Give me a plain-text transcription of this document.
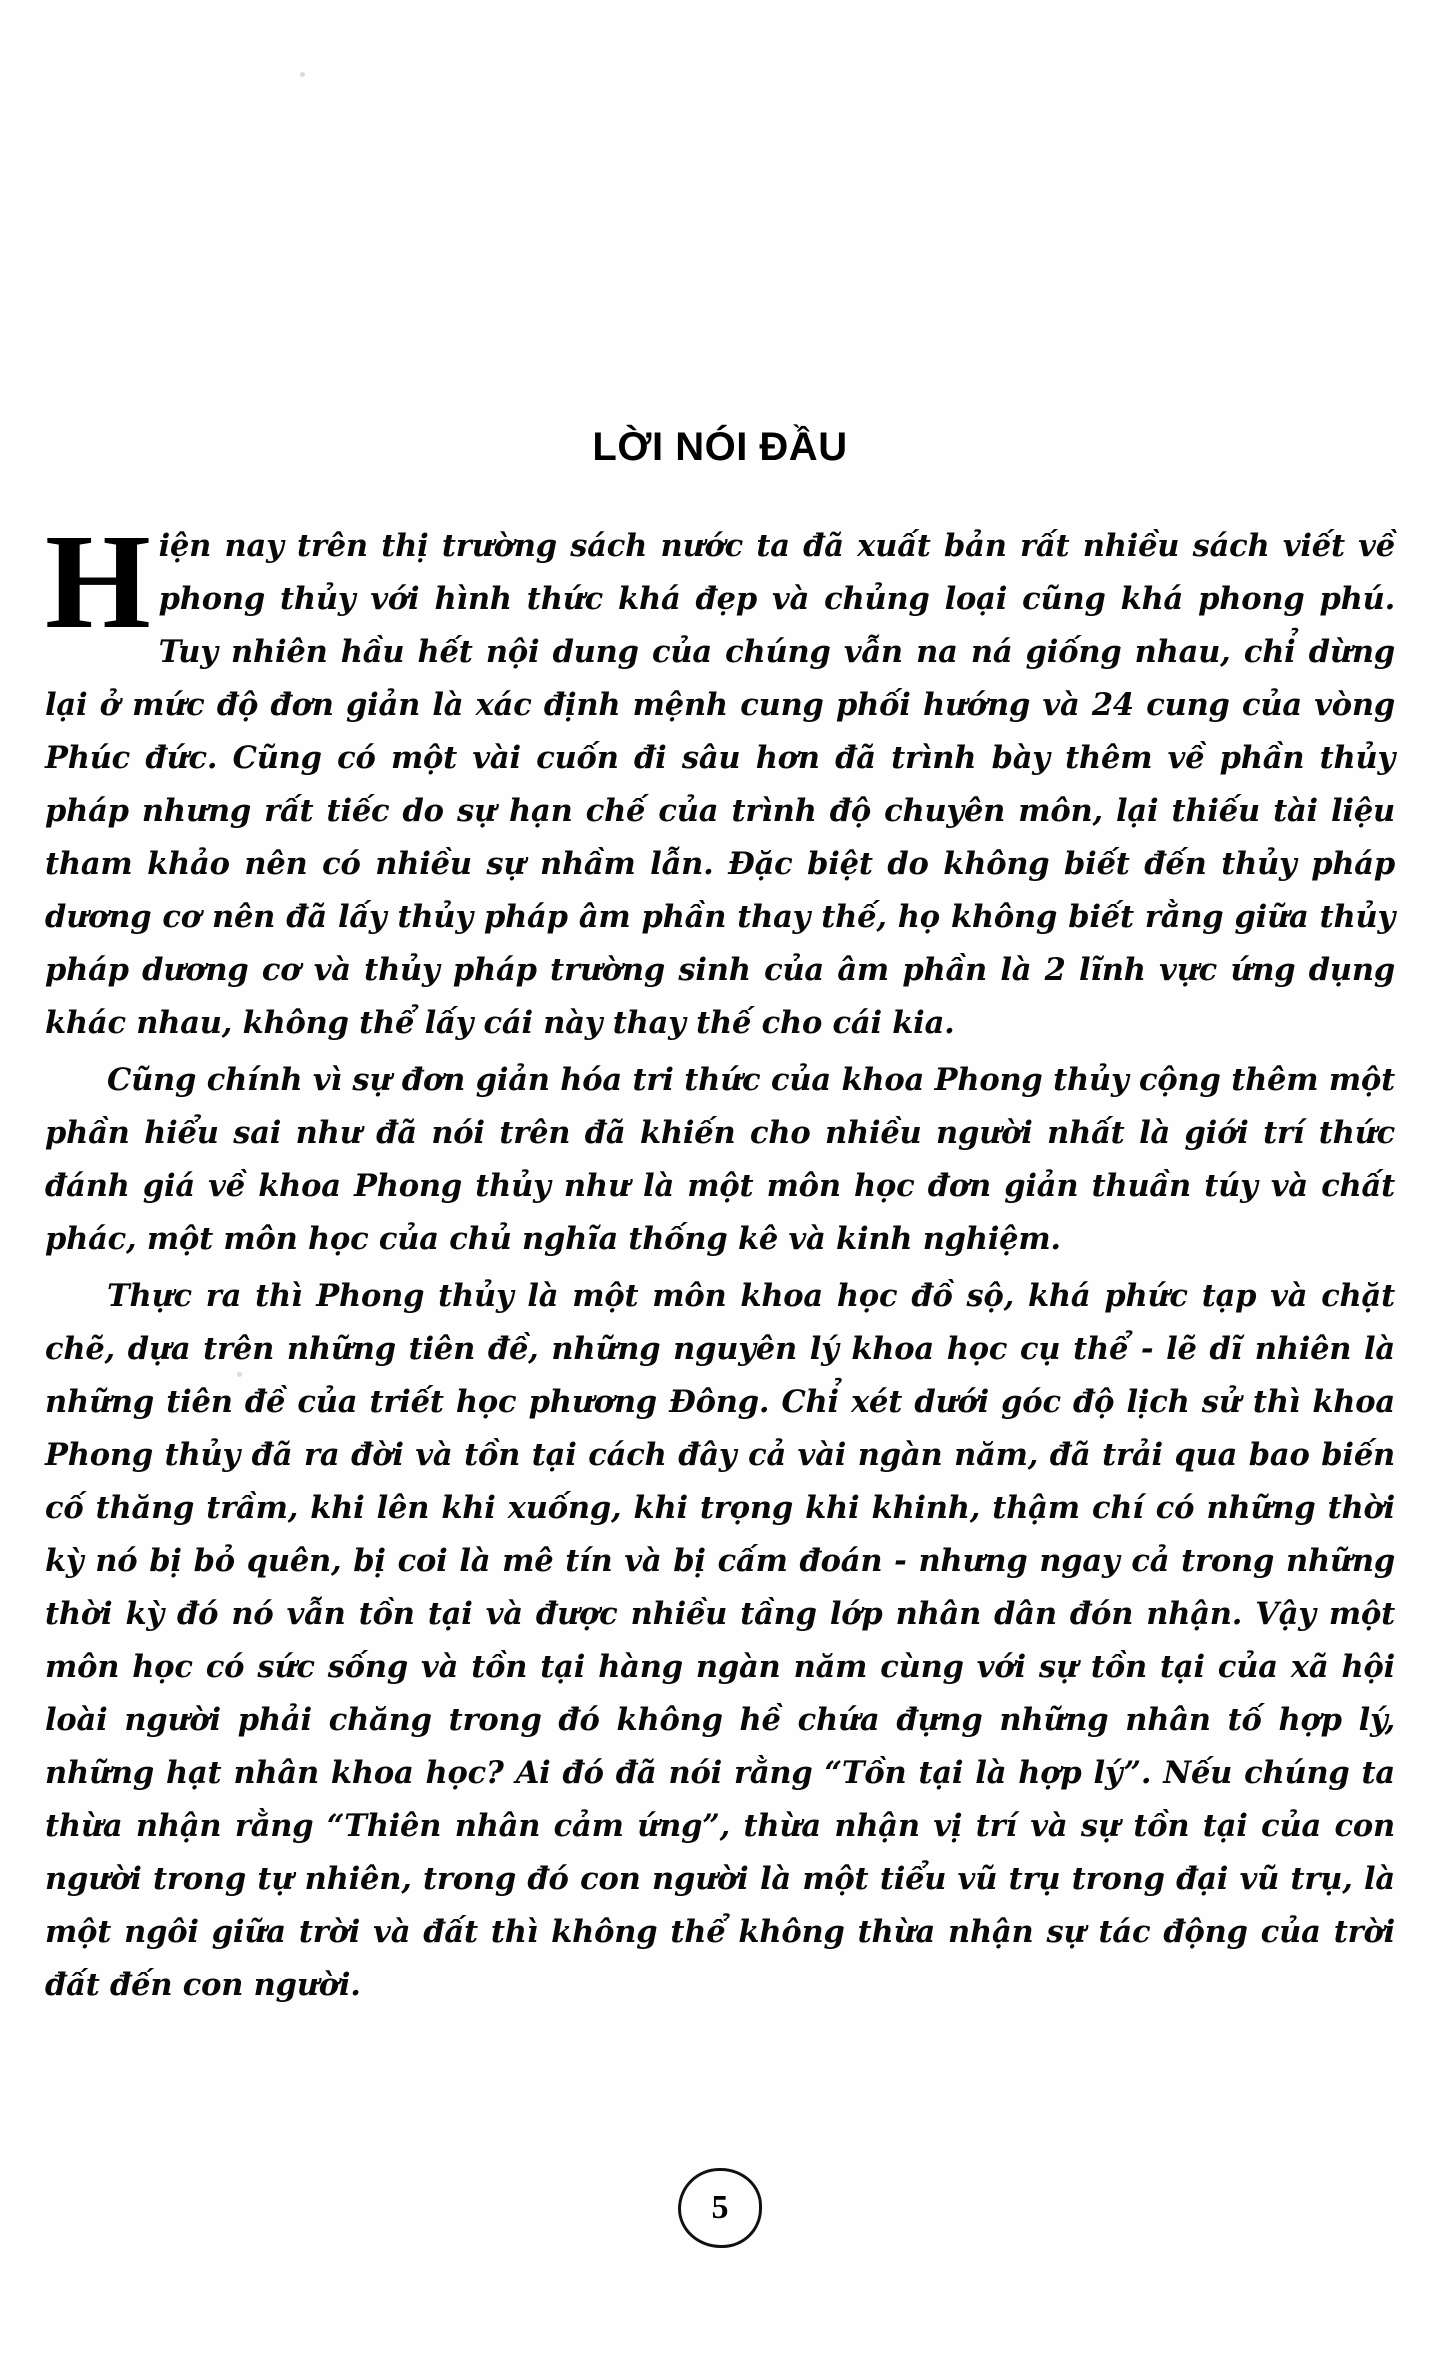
LỜI NÓI ĐẦU

Hiện nay trên thị trường sách nước ta đã xuất bản rất nhiều sách viết về phong thủy với hình thức khá đẹp và chủng loại cũng khá phong phú. Tuy nhiên hầu hết nội dung của chúng vẫn na ná giống nhau, chỉ dừng lại ở mức độ đơn giản là xác định mệnh cung phối hướng và 24 cung của vòng Phúc đức. Cũng có một vài cuốn đi sâu hơn đã trình bày thêm về phần thủy pháp nhưng rất tiếc do sự hạn chế của trình độ chuyên môn, lại thiếu tài liệu tham khảo nên có nhiều sự nhầm lẫn. Đặc biệt do không biết đến thủy pháp dương cơ nên đã lấy thủy pháp âm phần thay thế, họ không biết rằng giữa thủy pháp dương cơ và thủy pháp trường sinh của âm phần là 2 lĩnh vực ứng dụng khác nhau, không thể lấy cái này thay thế cho cái kia.

Cũng chính vì sự đơn giản hóa tri thức của khoa Phong thủy cộng thêm một phần hiểu sai như đã nói trên đã khiến cho nhiều người nhất là giới trí thức đánh giá về khoa Phong thủy như là một môn học đơn giản thuần túy và chất phác, một môn học của chủ nghĩa thống kê và kinh nghiệm.

Thực ra thì Phong thủy là một môn khoa học đồ sộ, khá phức tạp và chặt chẽ, dựa trên những tiên đề, những nguyên lý khoa học cụ thể - lẽ dĩ nhiên là những tiên đề của triết học phương Đông. Chỉ xét dưới góc độ lịch sử thì khoa Phong thủy đã ra đời và tồn tại cách đây cả vài ngàn năm, đã trải qua bao biến cố thăng trầm, khi lên khi xuống, khi trọng khi khinh, thậm chí có những thời kỳ nó bị bỏ quên, bị coi là mê tín và bị cấm đoán - nhưng ngay cả trong những thời kỳ đó nó vẫn tồn tại và được nhiều tầng lớp nhân dân đón nhận. Vậy một môn học có sức sống và tồn tại hàng ngàn năm cùng với sự tồn tại của xã hội loài người phải chăng trong đó không hề chứa đựng những nhân tố hợp lý, những hạt nhân khoa học? Ai đó đã nói rằng “Tồn tại là hợp lý”. Nếu chúng ta thừa nhận rằng “Thiên nhân cảm ứng”, thừa nhận vị trí và sự tồn tại của con người trong tự nhiên, trong đó con người là một tiểu vũ trụ trong đại vũ trụ, là một ngôi giữa trời và đất thì không thể không thừa nhận sự tác động của trời đất đến con người.

5
